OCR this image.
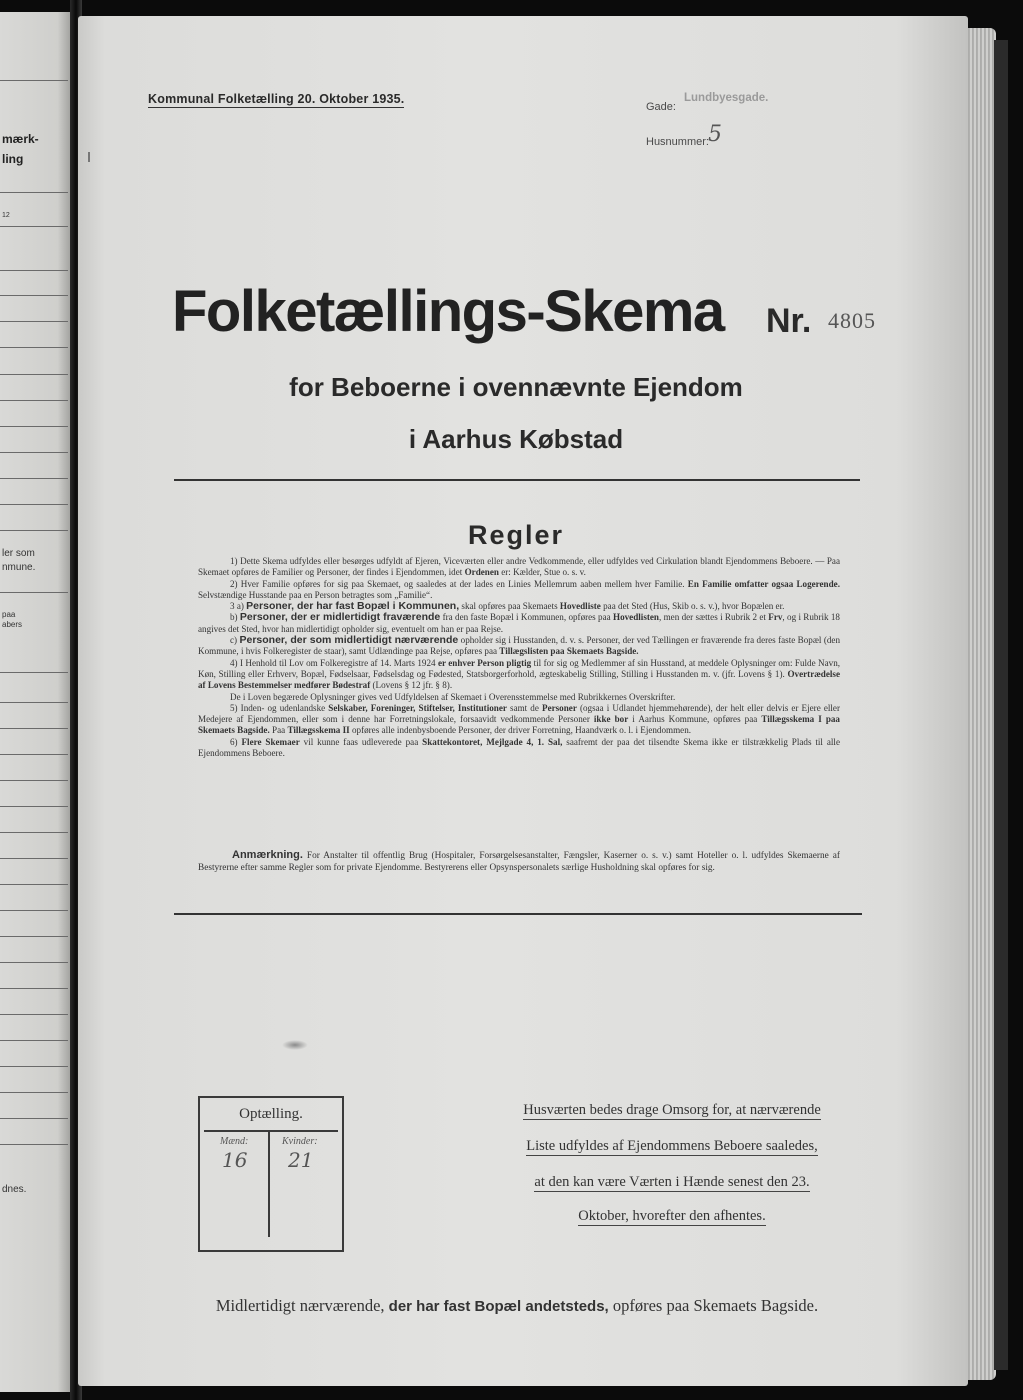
mærk-
ling
12
ler som
nmune.
paa
abers
dnes.
Kommunal Folketælling 20. Oktober 1935.
Gade:
Lundbyesgade.
Husnummer: 5
Folketællings-Skema Nr. 4805
for Beboerne i ovennævnte Ejendom
i Aarhus Købstad
Regler

1) Dette Skema udfyldes eller besørges udfyldt af Ejeren, Viceværten eller andre Vedkommende, eller udfyldes ved Cirkulation blandt Ejendommens Beboere. — Paa Skemaet opføres de Familier og Personer, der findes i Ejendommen, idet Ordenen er: Kælder, Stue o. s. v.

2) Hver Familie opføres for sig paa Skemaet, og saaledes at der lades en Linies Mellemrum aaben mellem hver Familie. En Familie omfatter ogsaa Logerende. Selvstændige Husstande paa en Person betragtes som „Familie“.

3 a) Personer, der har fast Bopæl i Kommunen, skal opføres paa Skemaets Hovedliste paa det Sted (Hus, Skib o. s. v.), hvor Bopælen er.

b) Personer, der er midlertidigt fraværende fra den faste Bopæl i Kommunen, opføres paa Hovedlisten, men der sættes i Rubrik 2 et Frv, og i Rubrik 18 angives det Sted, hvor han midlertidigt opholder sig, eventuelt om han er paa Rejse.

c) Personer, der som midlertidigt nærværende opholder sig i Husstanden, d. v. s. Personer, der ved Tællingen er fraværende fra deres faste Bopæl (den Kommune, i hvis Folkeregister de staar), samt Udlændinge paa Rejse, opføres paa Tillægslisten paa Skemaets Bagside.

4) I Henhold til Lov om Folkeregistre af 14. Marts 1924 er enhver Person pligtig til for sig og Medlemmer af sin Husstand, at meddele Oplysninger om: Fulde Navn, Køn, Stilling eller Erhverv, Bopæl, Fødselsaar, Fødselsdag og Fødested, Statsborgerforhold, ægteskabelig Stilling, Stilling i Husstanden m. v. (jfr. Lovens § 1). Overtrædelse af Lovens Bestemmelser medfører Bødestraf (Lovens § 12 jfr. § 8).

De i Loven begærede Oplysninger gives ved Udfyldelsen af Skemaet i Overensstemmelse med Rubrikkernes Overskrifter.

5) Inden- og udenlandske Selskaber, Foreninger, Stiftelser, Institutioner samt de Personer (ogsaa i Udlandet hjemmehørende), der helt eller delvis er Ejere eller Medejere af Ejendommen, eller som i denne har Forretningslokale, forsaavidt vedkommende Personer ikke bor i Aarhus Kommune, opføres paa Tillægsskema I paa Skemaets Bagside. Paa Tillægsskema II opføres alle indenbysboende Personer, der driver Forretning, Haandværk o. l. i Ejendommen.

6) Flere Skemaer vil kunne faas udleverede paa Skattekontoret, Mejlgade 4, 1. Sal, saafremt der paa det tilsendte Skema ikke er tilstrækkelig Plads til alle Ejendommens Beboere.

Anmærkning. For Anstalter til offentlig Brug (Hospitaler, Forsørgelsesanstalter, Fængsler, Kaserner o. s. v.) samt Hoteller o. l. udfyldes Skemaerne af Bestyrerne efter samme Regler som for private Ejendomme. Bestyrerens eller Opsynspersonalets særlige Husholdning skal opføres for sig.
Optælling.
Mænd:	Kvinder:
16 21
Husværten bedes drage Omsorg for, at nærværende
Liste udfyldes af Ejendommens Beboere saaledes,
at den kan være Værten i Hænde senest den 23.
Oktober, hvorefter den afhentes.
Midlertidigt nærværende, der har fast Bopæl andetsteds, opføres paa Skemaets Bagside.
